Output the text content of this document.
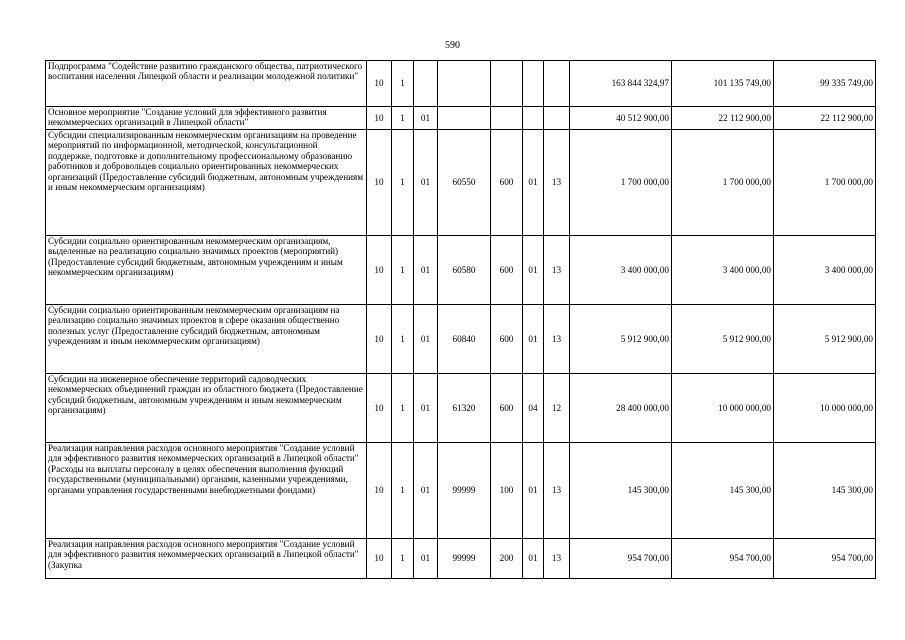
590
Подпрограмма "Содействие развитию гражданского общества, патриотического воспитания населения Липецкой области и реализации молодежной политики"	10	1						163 844 324,97	101 135 749,00	99 335 749,00
Основное мероприятие "Создание условий для эффективного развития некоммерческих организаций в Липецкой области"	10	1	01					40 512 900,00	22 112 900,00	22 112 900,00
Субсидии специализированным некоммерческим организациям на проведение мероприятий по информационной, методической, консультационной поддержке, подготовке и дополнительному профессиональному образованию работников и добровольцев социально ориентированных некоммерческих организаций (Предоставление субсидий бюджетным, автономным учреждениям и иным некоммерческим организациям)	10	1	01	60550	600	01	13	1 700 000,00	1 700 000,00	1 700 000,00
Субсидии социально ориентированным некоммерческим организациям, выделенные на реализацию социально значимых проектов (мероприятий) (Предоставление субсидий бюджетным, автономным учреждениям и иным некоммерческим организациям)	10	1	01	60580	600	01	13	3 400 000,00	3 400 000,00	3 400 000,00
Субсидии социально ориентированным некоммерческим организациям на реализацию социально значимых проектов в сфере оказания общественно полезных услуг (Предоставление субсидий бюджетным, автономным учреждениям и иным некоммерческим организациям)	10	1	01	60840	600	01	13	5 912 900,00	5 912 900,00	5 912 900,00
Субсидии на инженерное обеспечение территорий садоводческих некоммерческих объединений граждан из областного бюджета (Предоставление субсидий бюджетным, автономным учреждениям и иным некоммерческим организациям)	10	1	01	61320	600	04	12	28 400 000,00	10 000 000,00	10 000 000,00
Реализация направления расходов основного мероприятия "Создание условий для эффективного развития некоммерческих организаций в Липецкой области" (Расходы на выплаты персоналу в целях обеспечения выполнения функций государственными (муниципальными) органами, казенными учреждениями, органами управления государственными внебюджетными фондами)	10	1	01	99999	100	01	13	145 300,00	145 300,00	145 300,00
Реализация направления расходов основного мероприятия "Создание условий для эффективного развития некоммерческих организаций в Липецкой области" (Закупка	10	1	01	99999	200	01	13	954 700,00	954 700,00	954 700,00
